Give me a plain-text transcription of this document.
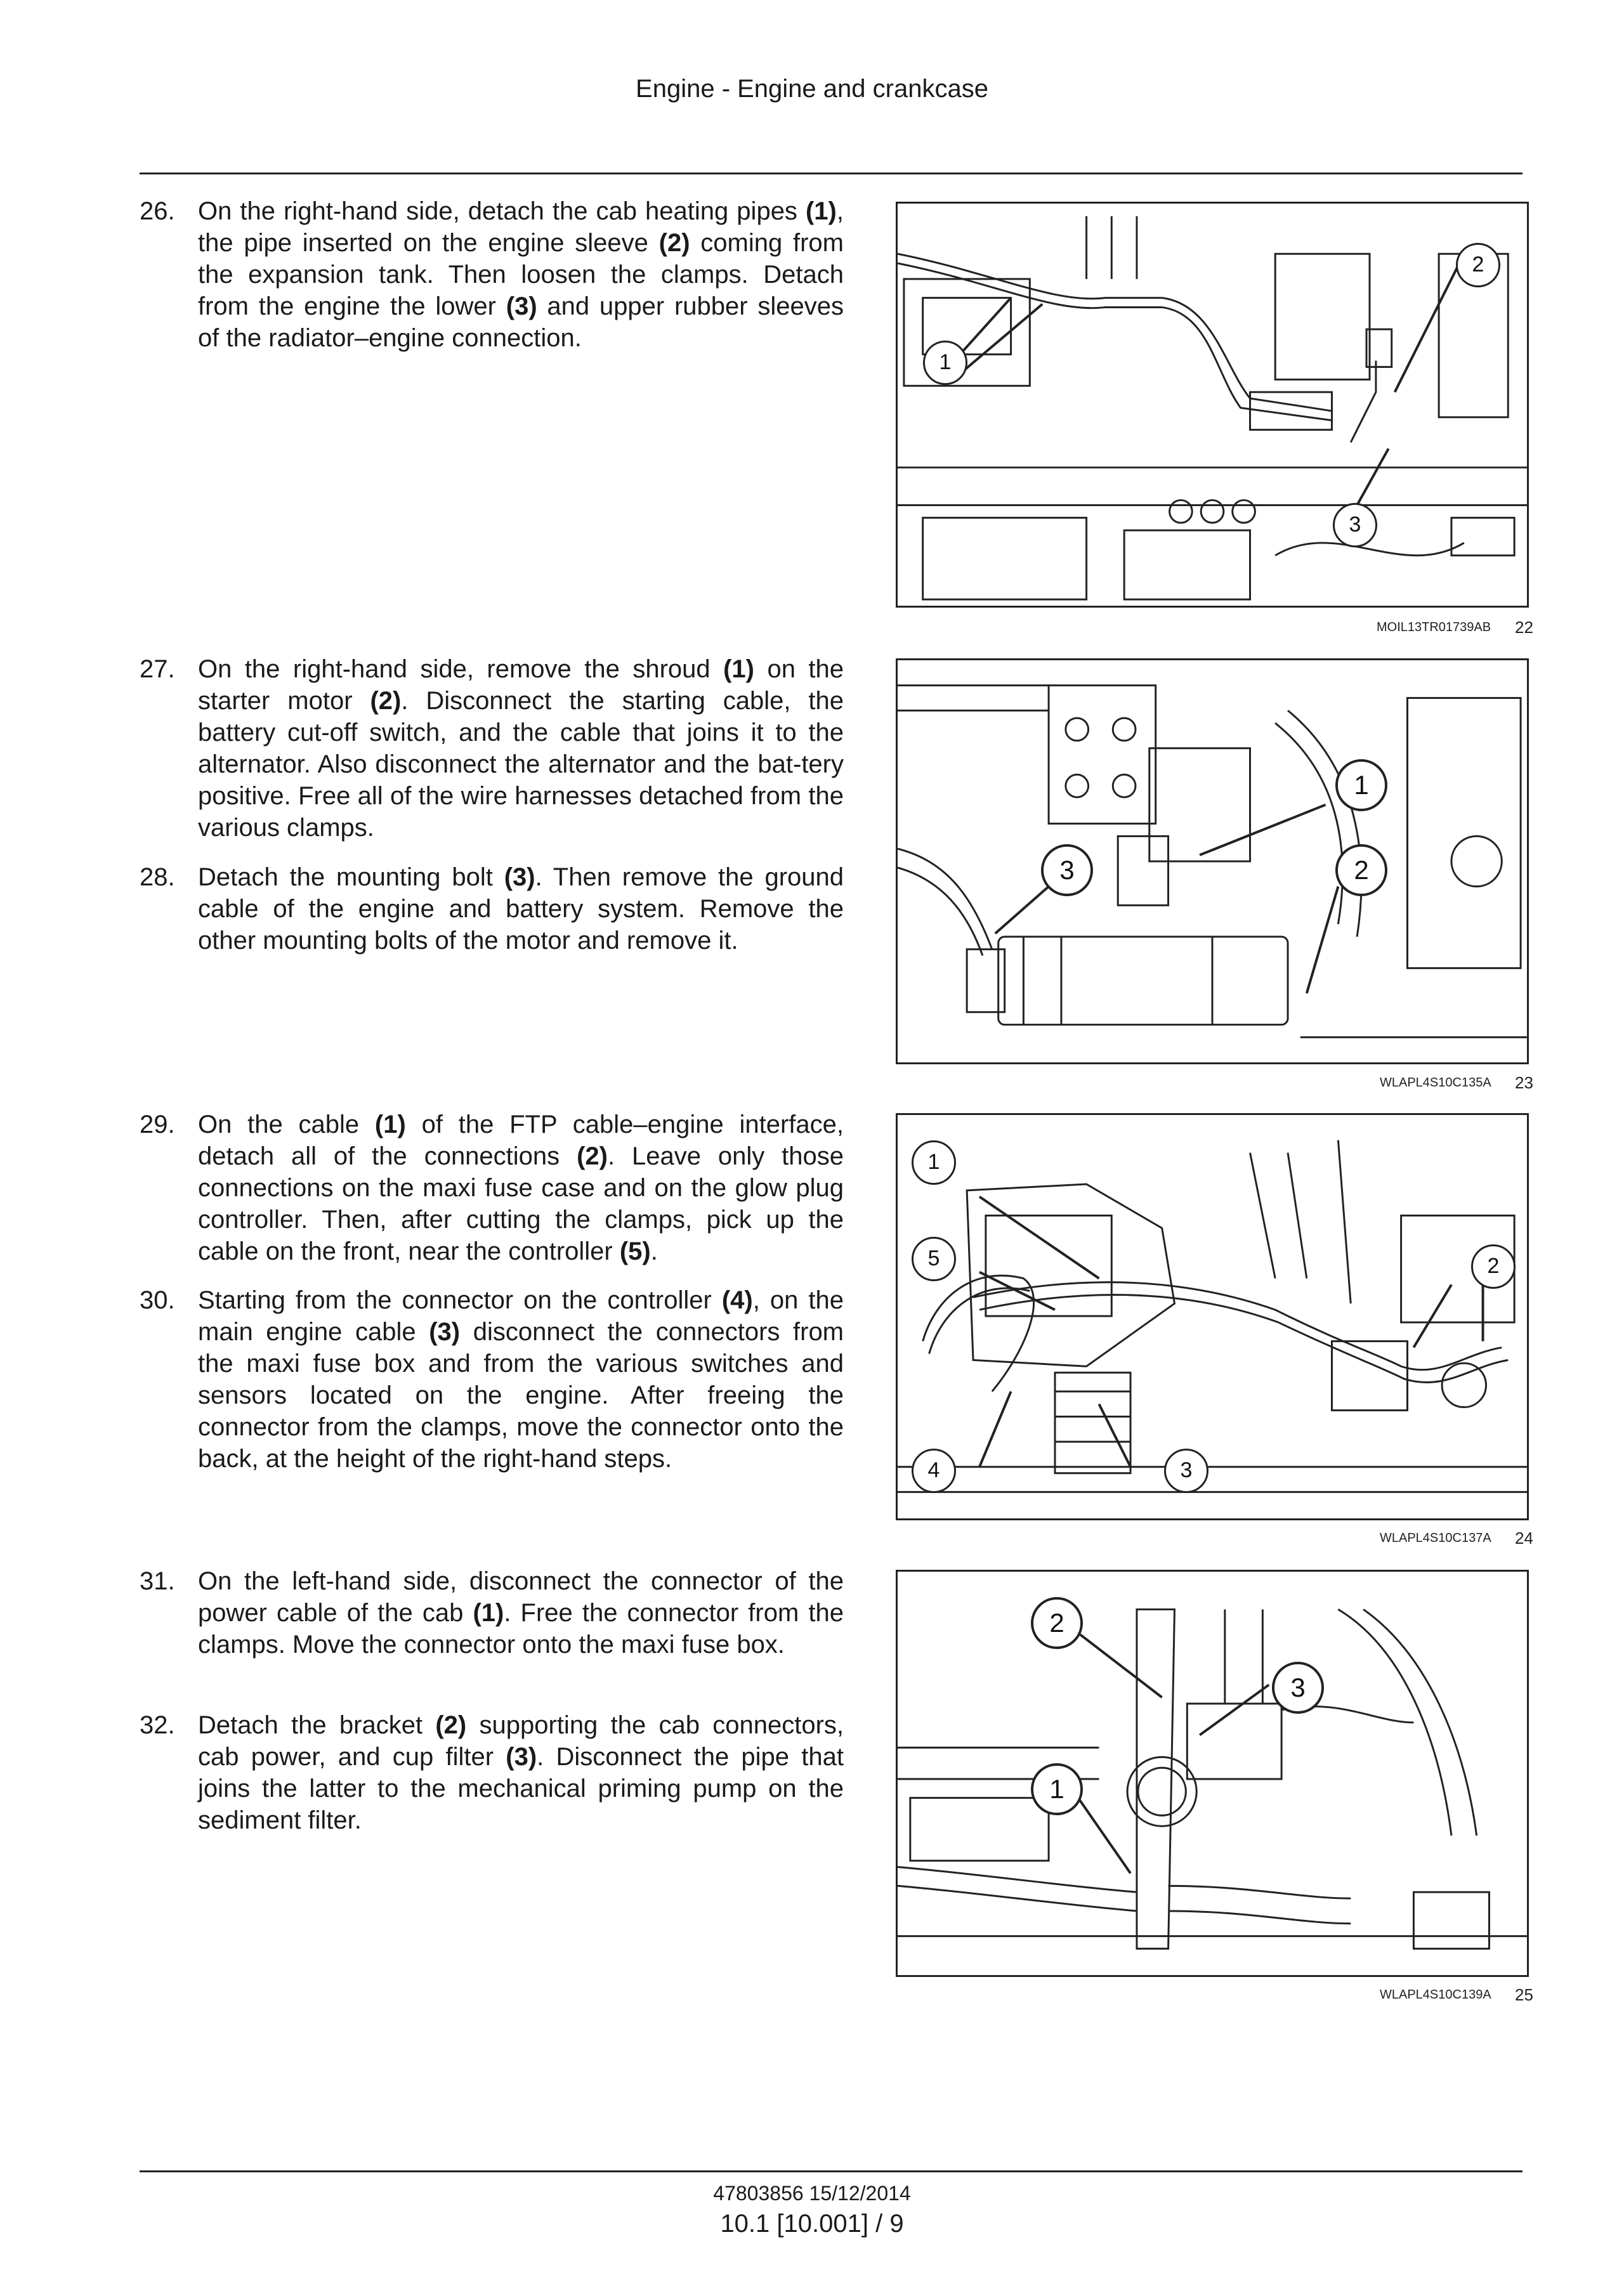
Engine - Engine and crankcase
26. On the right-hand side, detach the cab heating pipes (1), the pipe inserted on the engine sleeve (2) coming from the expansion tank. Then loosen the clamps. Detach from the engine the lower (3) and upper rubber sleeves of the radiator–engine connection.
27. On the right-hand side, remove the shroud (1) on the starter motor (2). Disconnect the starting cable, the battery cut-off switch, and the cable that joins it to the alternator. Also disconnect the alternator and the bat-tery positive. Free all of the wire harnesses detached from the various clamps.
28. Detach the mounting bolt (3). Then remove the ground cable of the engine and battery system. Remove the other mounting bolts of the motor and remove it.
29. On the cable (1) of the FTP cable–engine interface, detach all of the connections (2). Leave only those connections on the maxi fuse case and on the glow plug controller. Then, after cutting the clamps, pick up the cable on the front, near the controller (5).
30. Starting from the connector on the controller (4), on the main engine cable (3) disconnect the connectors from the maxi fuse box and from the various switches and sensors located on the engine. After freeing the connector from the clamps, move the connector onto the back, at the height of the right-hand steps.
31. On the left-hand side, disconnect the connector of the power cable of the cab (1). Free the connector from the clamps. Move the connector onto the maxi fuse box.
32. Detach the bracket (2) supporting the cab connectors, cab power, and cup filter (3). Disconnect the pipe that joins the latter to the mechanical priming pump on the sediment filter.
1
2
3
MOIL13TR01739AB 22
1
2
3
WLAPL4S10C135A 23
1
2
3
4
5
WLAPL4S10C137A 24
2
3
1
WLAPL4S10C139A 25
47803856 15/12/2014
10.1 [10.001] / 9
